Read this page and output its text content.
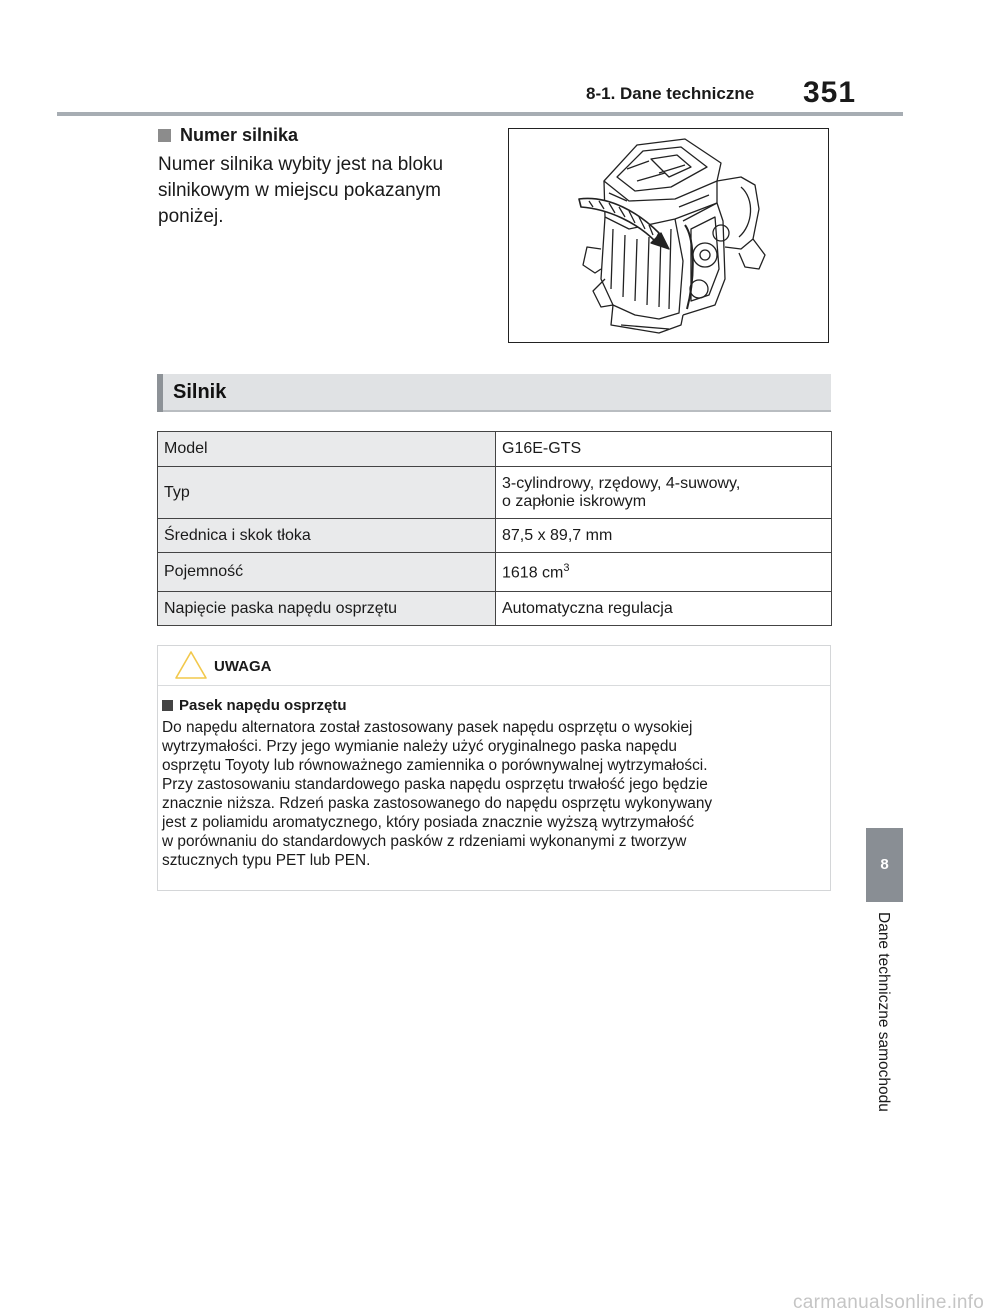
8-1. Dane techniczne 351
Numer silnika
Numer silnika wybity jest na bloku silnikowym w miejscu pokazanym poniżej.
Silnik
Model	G16E-GTS
Typ	3-cylindrowy, rzędowy, 4-suwowy,
o zapłonie iskrowym

Średnica i skok tłoka	87,5 x 89,7 mm
Pojemność	1618 $cm^3$
Napięcie paska napędu osprzętu	Automatyczna regulacja
UWAGA
Pasek napędu osprzętu
Do napędu alternatora został zastosowany pasek napędu osprzętu o wysokiej
wytrzymałości. Przy jego wymianie należy użyć oryginalnego paska napędu
osprzętu Toyoty lub równoważnego zamiennika o porównywalnej wytrzymałości.
Przy zastosowaniu standardowego paska napędu osprzętu trwałość jego będzie
znacznie niższa. Rdzeń paska zastosowanego do napędu osprzętu wykonywany
jest z poliamidu aromatycznego, który posiada znacznie wyższą wytrzymałość
w porównaniu do standardowych pasków z rdzeniami wykonanymi z tworzyw
sztucznych typu PET lub PEN.	8
Dane techniczne samochodu
carmanualsonline.info
